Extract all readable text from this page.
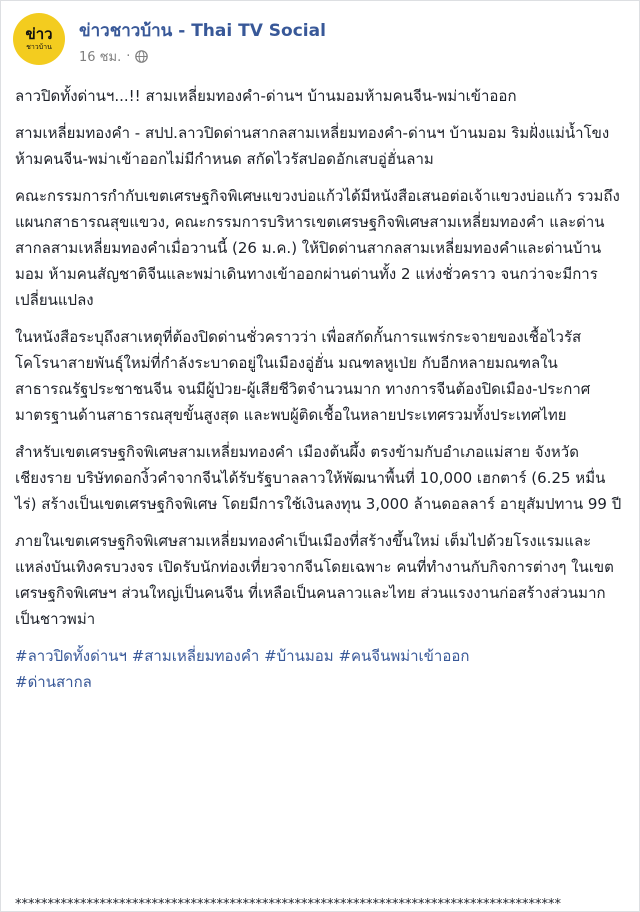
ข่าว
ชาวบ้าน
ข่าวชาวบ้าน - Thai TV Social
16 ชม. ·

ลาวปิดทั้งด่านฯ...!! สามเหลี่ยมทองคำ-ด่านฯ บ้านมอมห้ามคนจีน-พม่าเข้าออก

สามเหลี่ยมทองคำ - สปป.ลาวปิดด่านสากลสามเหลี่ยมทองคำ-ด่านฯ บ้านมอม ริมฝั่งแม่น้ำโขง ห้ามคนจีน-พม่าเข้าออกไม่มีกำหนด สกัดไวรัสปอดอักเสบอู่ฮั่นลาม

คณะกรรมการกำกับเขตเศรษฐกิจพิเศษแขวงบ่อแก้วได้มีหนังสือเสนอต่อเจ้าแขวงบ่อแก้ว รวมถึงแผนกสาธารณสุขแขวง, คณะกรรมการบริหารเขตเศรษฐกิจพิเศษสามเหลี่ยมทองคำ และด่านสากลสามเหลี่ยมทองคำเมื่อวานนี้ (26 ม.ค.) ให้ปิดด่านสากลสามเหลี่ยมทองคำและด่านบ้านมอม ห้ามคนสัญชาติจีนและพม่าเดินทางเข้าออกผ่านด่านทั้ง 2 แห่งชั่วคราว จนกว่าจะมีการเปลี่ยนแปลง

ในหนังสือระบุถึงสาเหตุที่ต้องปิดด่านชั่วคราวว่า เพื่อสกัดกั้นการแพร่กระจายของเชื้อไวรัสโคโรนาสายพันธุ์ใหม่ที่กำลังระบาดอยู่ในเมืองอู่ฮั่น มณฑลหูเป่ย กับอีกหลายมณฑลในสาธารณรัฐประชาชนจีน จนมีผู้ป่วย-ผู้เสียชีวิตจำนวนมาก ทางการจีนต้องปิดเมือง-ประกาศมาตรฐานด้านสาธารณสุขขั้นสูงสุด และพบผู้ติดเชื้อในหลายประเทศรวมทั้งประเทศไทย

สำหรับเขตเศรษฐกิจพิเศษสามเหลี่ยมทองคำ เมืองต้นผึ้ง ตรงข้ามกับอำเภอแม่สาย จังหวัดเชียงราย บริษัทดอกงิ้วคำจากจีนได้รับรัฐบาลลาวให้พัฒนาพื้นที่ 10,000 เฮกตาร์ (6.25 หมื่นไร่) สร้างเป็นเขตเศรษฐกิจพิเศษ โดยมีการใช้เงินลงทุน 3,000 ล้านดอลลาร์ อายุสัมปทาน 99 ปี

ภายในเขตเศรษฐกิจพิเศษสามเหลี่ยมทองคำเป็นเมืองที่สร้างขึ้นใหม่ เต็มไปด้วยโรงแรมและแหล่งบันเทิงครบวงจร เปิดรับนักท่องเที่ยวจากจีนโดยเฉพาะ คนที่ทำงานกับกิจการต่างๆ ในเขตเศรษฐกิจพิเศษฯ ส่วนใหญ่เป็นคนจีน ที่เหลือเป็นคนลาวและไทย ส่วนแรงงานก่อสร้างส่วนมากเป็นชาวพม่า

#ลาวปิดทั้งด่านฯ #สามเหลี่ยมทองคำ #บ้านมอม #คนจีนพม่าเข้าออก
#ด่านสากล

************************************************************************************
